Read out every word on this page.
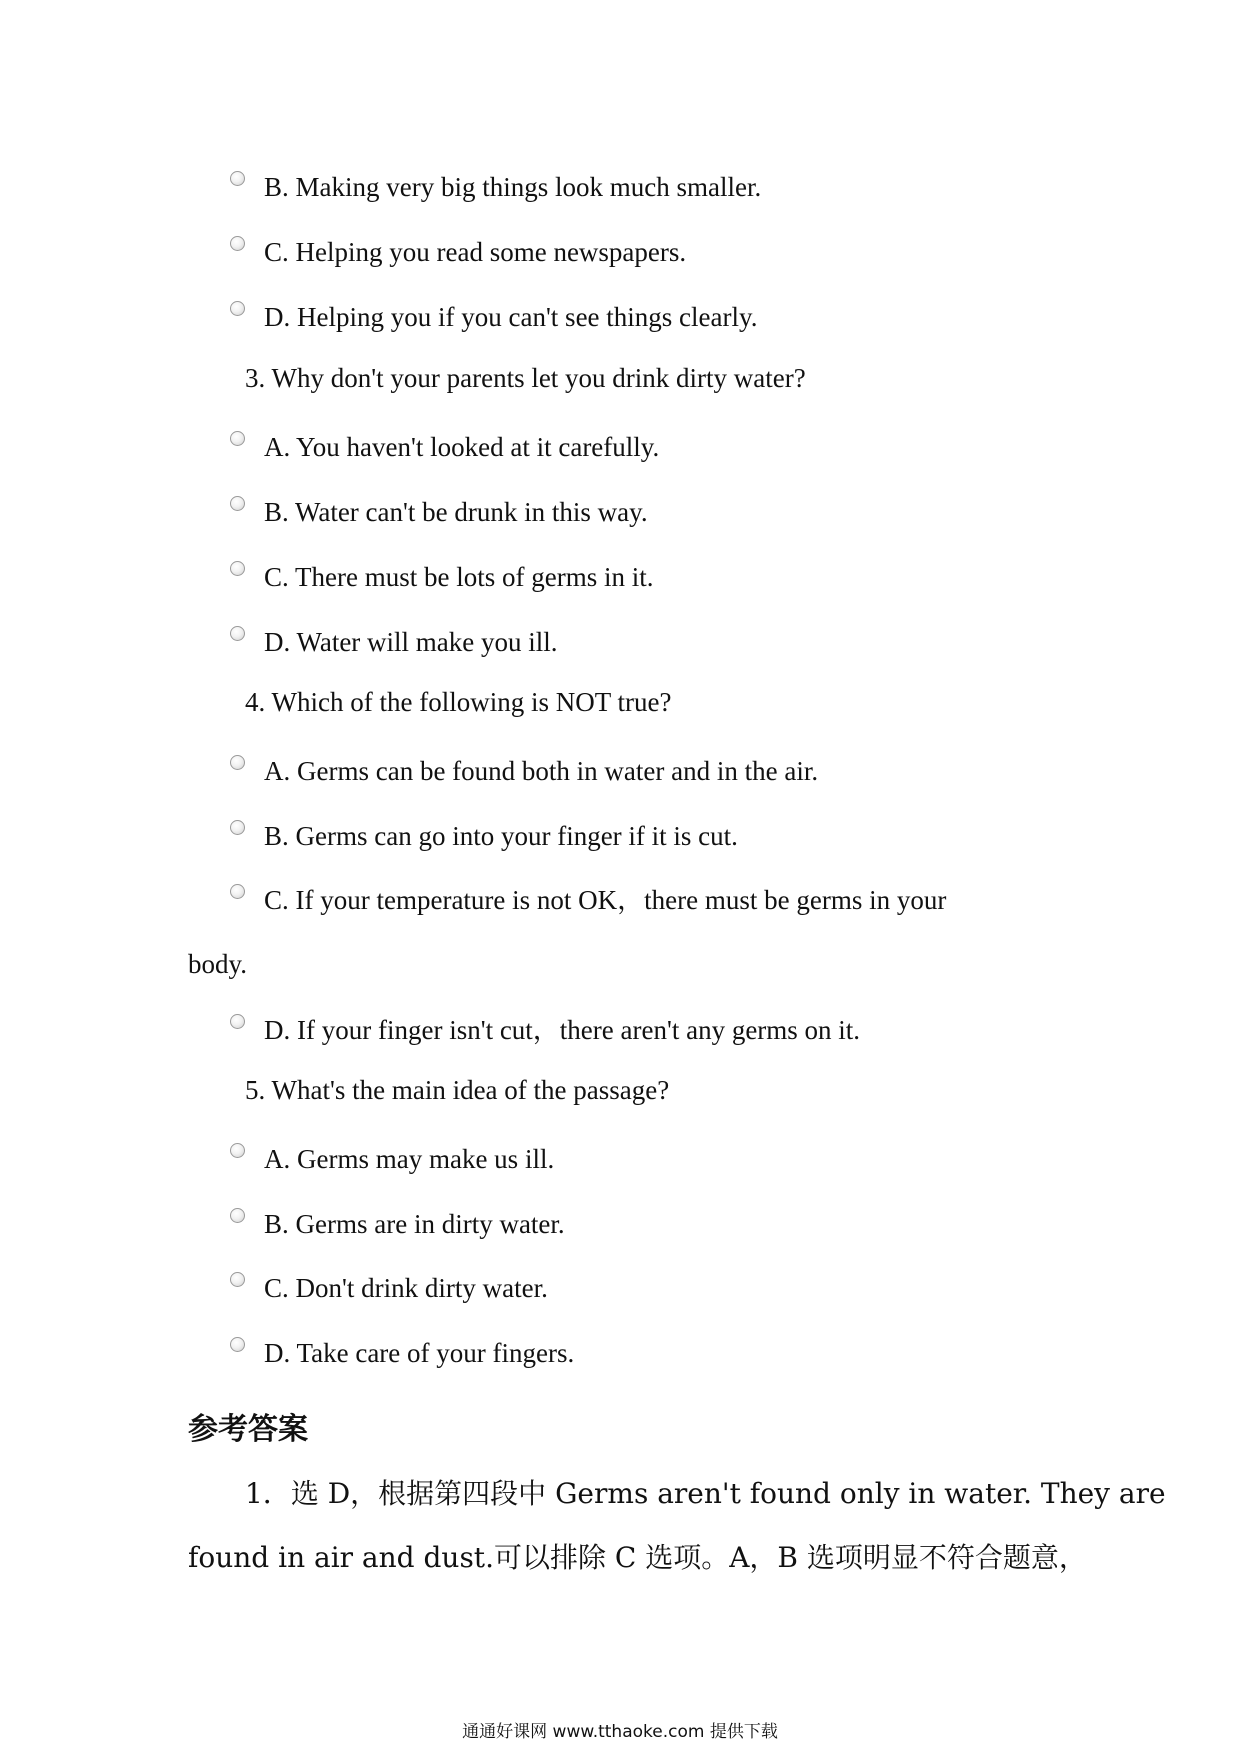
B. Making very big things look much smaller.
C. Helping you read some newspapers.
D. Helping you if you can't see things clearly.
3. Why don't your parents let you drink dirty water?
A. You haven't looked at it carefully.
B. Water can't be drunk in this way.
C. There must be lots of germs in it.
D. Water will make you ill.
4. Which of the following is NOT true?
A. Germs can be found both in water and in the air.
B. Germs can go into your finger if it is cut.
C. If your temperature is not OK，there must be germs in your
body.
D. If your finger isn't cut，there aren't any germs on it.
5. What's the main idea of the passage?
A. Germs may make us ill.
B. Germs are in dirty water.
C. Don't drink dirty water.
D. Take care of your fingers.
参考答案
1．选 D，根据第四段中 Germs aren't found only in water. They are
found in air and dust.可以排除 C 选项。A，B 选项明显不符合题意，
通通好课网 www.tthaoke.com 提供下载
